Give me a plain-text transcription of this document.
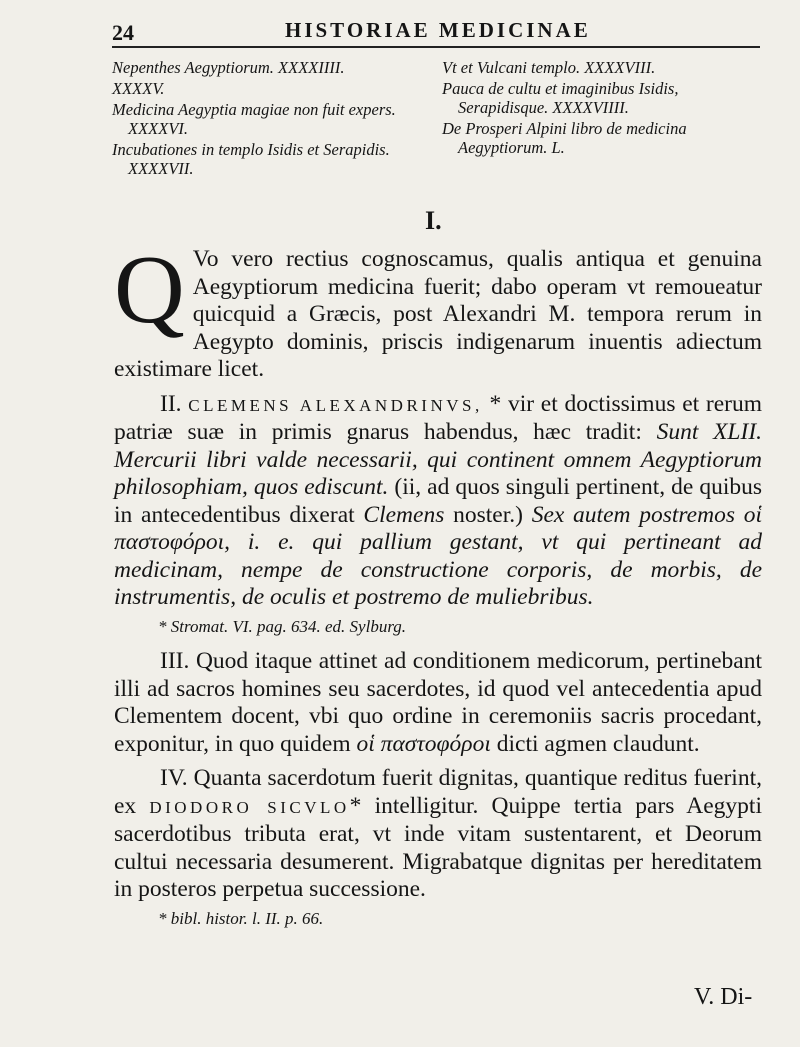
24	HISTORIAE MEDICINAE

Nepenthes Aegyptiorum. XXXXIIII.

XXXXV.

Medicina Aegyptia magiae non fuit expers. XXXXVI.

Incubationes in templo Isidis et Serapidis. XXXXVII.

Vt et Vulcani templo. XXXXVIII.

Pauca de cultu et imaginibus Isidis, Serapidisque. XXXXVIIII.

De Prosperi Alpini libro de medicina Aegyptiorum. L.

I.

Q Vo vero rectius cognoscamus, qualis antiqua et genuina Aegyptiorum medicina fuerit; dabo operam vt remoueatur quicquid a Græcis, post Alexandri M. tempora rerum in Aegypto dominis, priscis indigenarum inuentis adiectum existimare licet.

II. CLEMENS ALEXANDRINVS, * vir et doctissimus et rerum patriæ suæ in primis gnarus habendus, hæc tradit: Sunt XLII. Mercurii libri valde necessarii, qui continent omnem Aegyptiorum philosophiam, quos ediscunt. (ii, ad quos singuli pertinent, de quibus in antecedentibus dixerat Clemens noster.) Sex autem postremos οἱ παστοφόροι, i. e. qui pallium gestant, vt qui pertineant ad medicinam, nempe de constructione corporis, de morbis, de instrumentis, de oculis et postremo de muliebribus.

* Stromat. VI. pag. 634. ed. Sylburg.

III. Quod itaque attinet ad conditionem medicorum, pertinebant illi ad sacros homines seu sacerdotes, id quod vel antecedentia apud Clementem docent, vbi quo ordine in ceremoniis sacris procedant, exponitur, in quo quidem οἱ παστοφόροι dicti agmen claudunt.

IV. Quanta sacerdotum fuerit dignitas, quantique reditus fuerint, ex DIODORO SICVLO* intelligitur. Quippe tertia pars Aegypti sacerdotibus tributa erat, vt inde vitam sustentarent, et Deorum cultui necessaria desumerent. Migrabatque dignitas per hereditatem in posteros perpetua successione.

* bibl. histor. l. II. p. 66.

V. Di-
